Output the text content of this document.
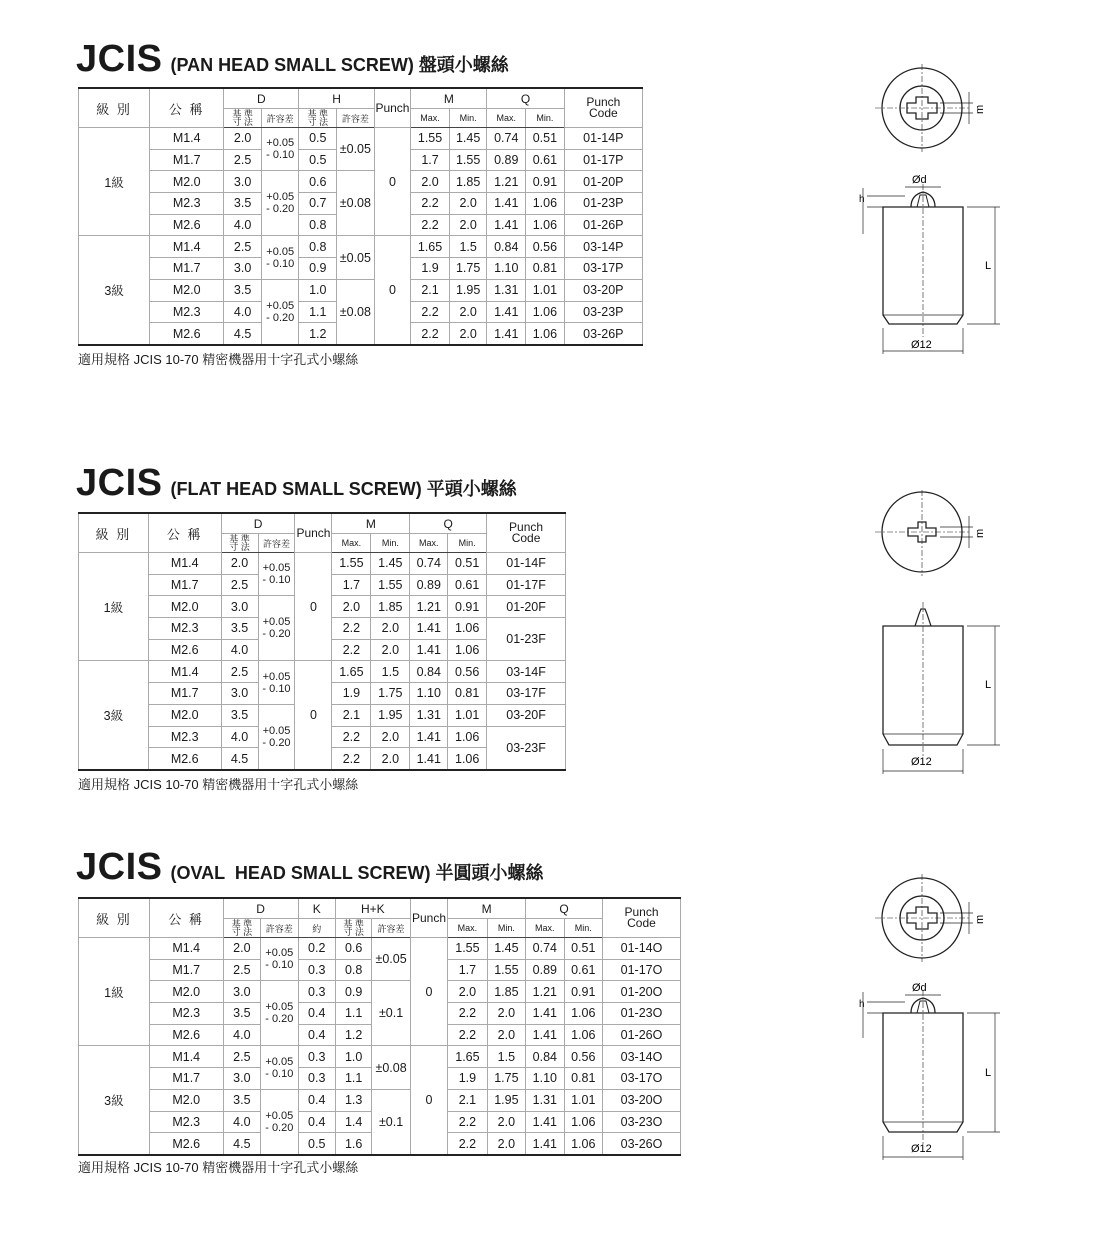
JCIS (PAN HEAD SMALL SCREW) 盤頭小螺絲
級 別	公 稱	D		H		Punch	M		Q		Punch
Code
		基 準
寸 法	許容差	基 準
寸 法	許容差		Max.	Min.	Max.	Min.	
1級	M1.4	2.0	+0.05
- 0.10	0.5	±0.05	0	1.55	1.45	0.74	0.51	01-14P
	M1.7	2.5		0.5			1.7	1.55	0.89	0.61	01-17P
	M2.0	3.0	+0.05
- 0.20	0.6	±0.08		2.0	1.85	1.21	0.91	01-20P
	M2.3	3.5		0.7			2.2	2.0	1.41	1.06	01-23P
	M2.6	4.0		0.8			2.2	2.0	1.41	1.06	01-26P
3級	M1.4	2.5	+0.05
- 0.10	0.8	±0.05	0	1.65	1.5	0.84	0.56	03-14P
	M1.7	3.0		0.9			1.9	1.75	1.10	0.81	03-17P
	M2.0	3.5	+0.05
- 0.20	1.0	±0.08		2.1	1.95	1.31	1.01	03-20P
	M2.3	4.0		1.1			2.2	2.0	1.41	1.06	03-23P
	M2.6	4.5		1.2			2.2	2.0	1.41	1.06	03-26P
適用規格 JCIS 10-70 精密機器用十字孔式小螺絲
m
Ød
h
L
Ø12
JCIS (FLAT HEAD SMALL SCREW) 平頭小螺絲
級 別	公 稱	D		Punch	M		Q		Punch
Code
		基 準
寸 法	許容差		Max.	Min.	Max.	Min.	
1級	M1.4	2.0	+0.05
- 0.10	0	1.55	1.45	0.74	0.51	01-14F
	M1.7	2.5			1.7	1.55	0.89	0.61	01-17F
	M2.0	3.0	+0.05
- 0.20		2.0	1.85	1.21	0.91	01-20F
	M2.3	3.5			2.2	2.0	1.41	1.06	01-23F
	M2.6	4.0			2.2	2.0	1.41	1.06	
3級	M1.4	2.5	+0.05
- 0.10	0	1.65	1.5	0.84	0.56	03-14F
	M1.7	3.0			1.9	1.75	1.10	0.81	03-17F
	M2.0	3.5	+0.05
- 0.20		2.1	1.95	1.31	1.01	03-20F
	M2.3	4.0			2.2	2.0	1.41	1.06	03-23F
	M2.6	4.5			2.2	2.0	1.41	1.06	
適用規格 JCIS 10-70 精密機器用十字孔式小螺絲
m
L
Ø12
JCIS (OVAL  HEAD SMALL SCREW) 半圓頭小螺絲
級 別	公 稱	D		K	H+K		Punch	M		Q		Punch
Code
		基 準
寸 法	許容差	約	基 準
寸 法	許容差		Max.	Min.	Max.	Min.	
1級	M1.4	2.0	+0.05
- 0.10	0.2	0.6	±0.05	0	1.55	1.45	0.74	0.51	01-14O
	M1.7	2.5		0.3	0.8			1.7	1.55	0.89	0.61	01-17O
	M2.0	3.0	+0.05
- 0.20	0.3	0.9	±0.1		2.0	1.85	1.21	0.91	01-20O
	M2.3	3.5		0.4	1.1			2.2	2.0	1.41	1.06	01-23O
	M2.6	4.0		0.4	1.2			2.2	2.0	1.41	1.06	01-26O
3級	M1.4	2.5	+0.05
- 0.10	0.3	1.0	±0.08	0	1.65	1.5	0.84	0.56	03-14O
	M1.7	3.0		0.3	1.1			1.9	1.75	1.10	0.81	03-17O
	M2.0	3.5	+0.05
- 0.20	0.4	1.3	±0.1		2.1	1.95	1.31	1.01	03-20O
	M2.3	4.0		0.4	1.4			2.2	2.0	1.41	1.06	03-23O
	M2.6	4.5		0.5	1.6			2.2	2.0	1.41	1.06	03-26O
適用規格 JCIS 10-70 精密機器用十字孔式小螺絲
m
Ød
h
L
Ø12
